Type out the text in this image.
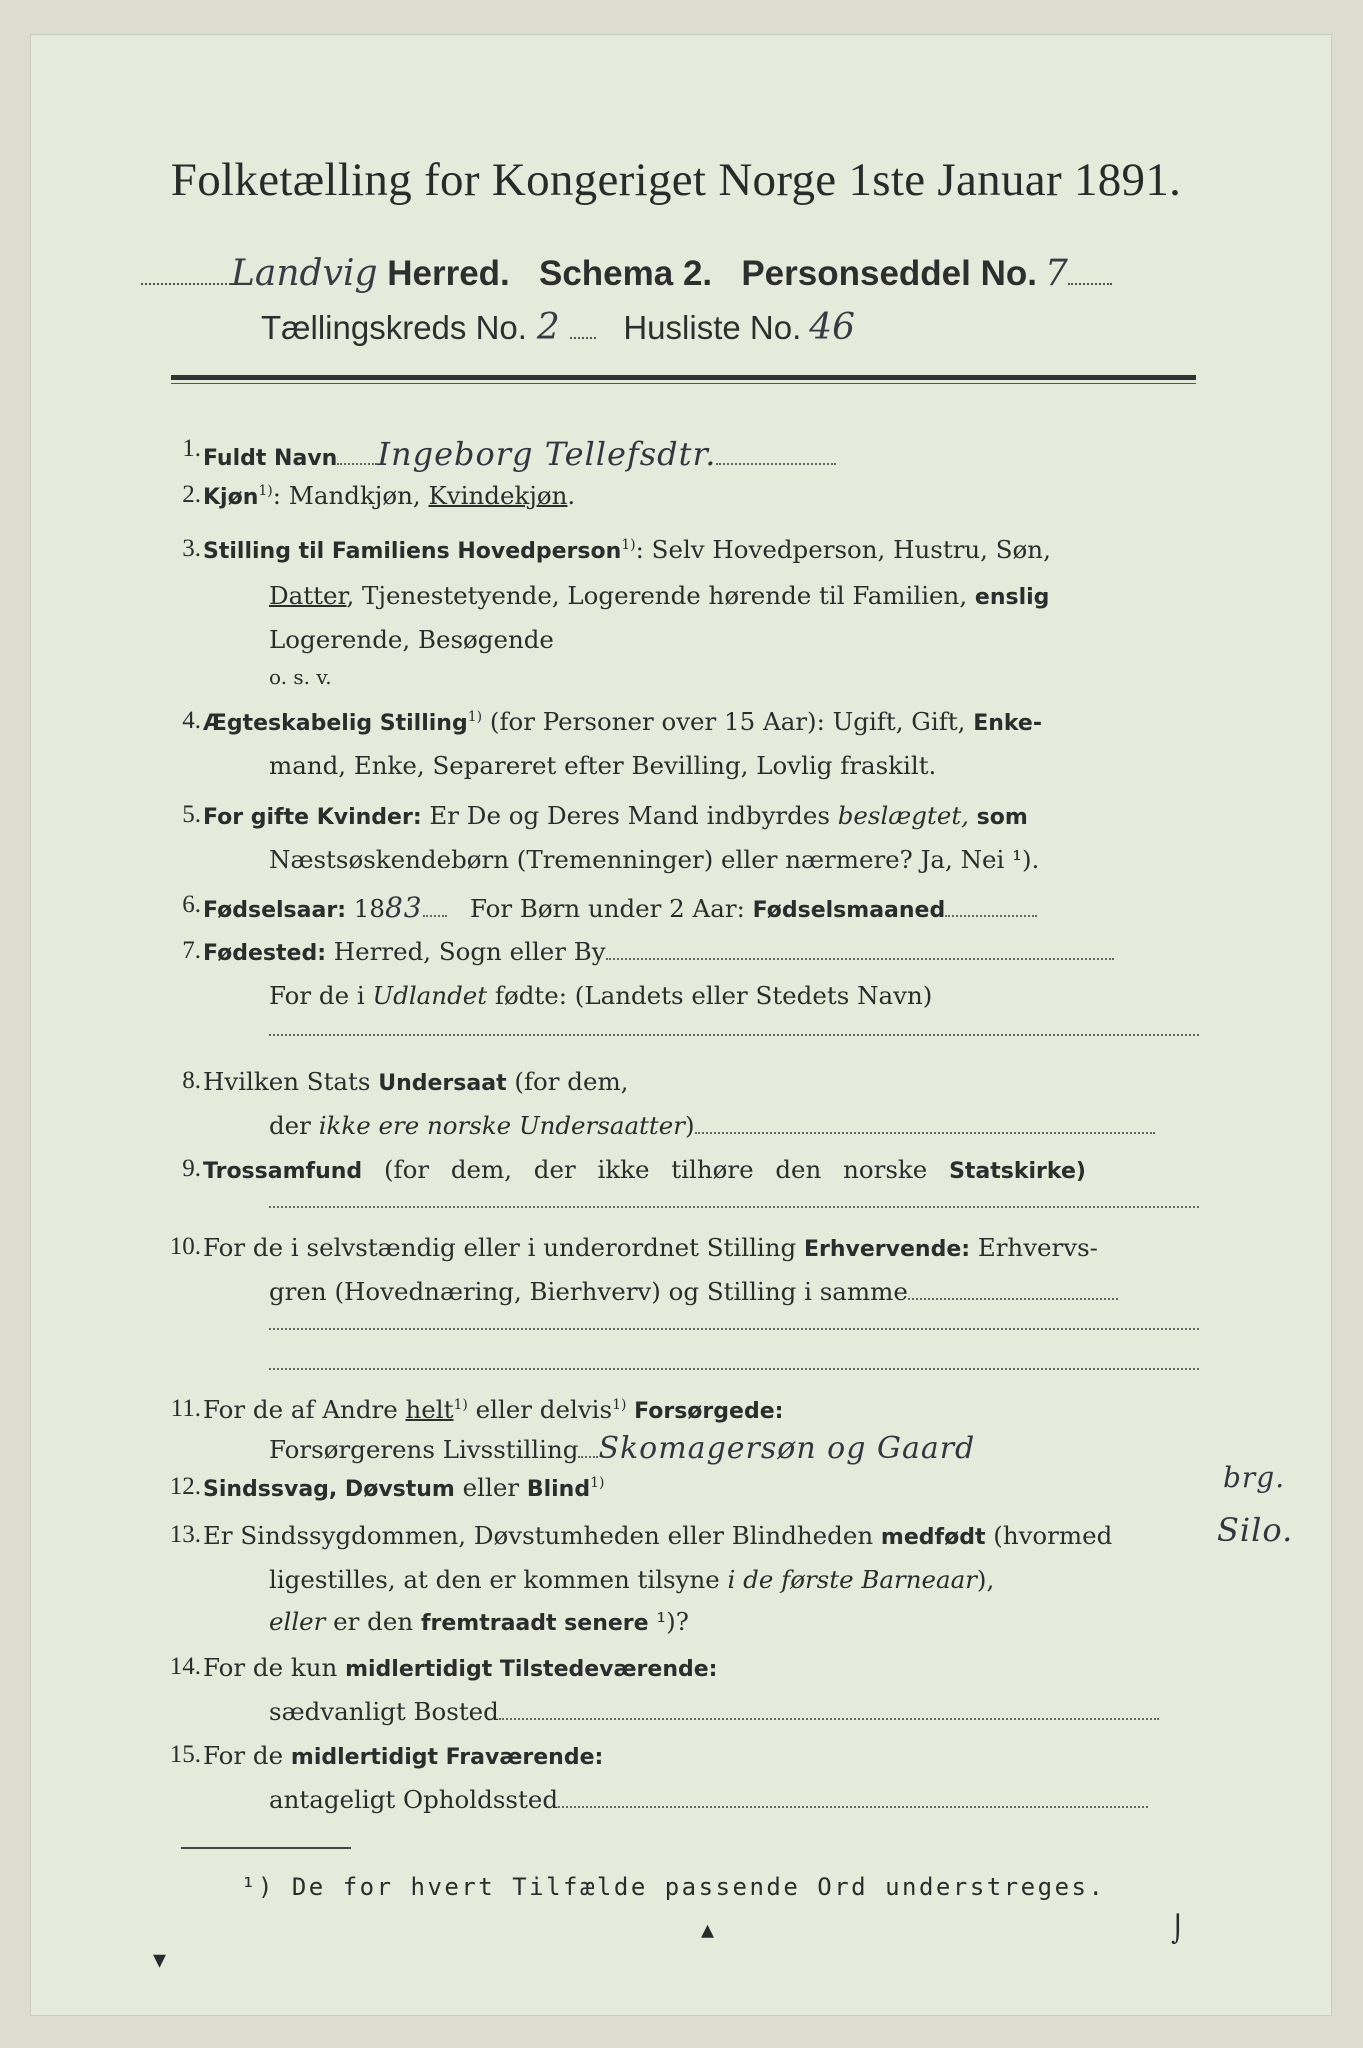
Folketælling for Kongeriget Norge 1ste Januar 1891.
Landvig Herred. Schema 2. Personseddel No. 7
Tællingskreds No. 2 Husliste No. 46
1. Fuldt Navn Ingeborg Tellefsdtr.
2. Kjøn$^{1)}$: Mandkjøn, Kvindekjøn.
3. Stilling til Familiens Hovedperson$^{1)}$: Selv Hovedperson, Hustru, Søn,
Datter, Tjenestetyende, Logerende hørende til Familien, enslig
Logerende, Besøgende
o. s. v.
4. Ægteskabelig Stilling$^{1)}$ (for Personer over 15 Aar): Ugift, Gift, Enke-
mand, Enke, Separeret efter Bevilling, Lovlig fraskilt.
5. For gifte Kvinder: Er De og Deres Mand indbyrdes beslægtet, som
Næstsøskendebørn (Tremenninger) eller nærmere? Ja, Nei ¹).
6. Fødselsaar: 1883 For Børn under 2 Aar: Fødselsmaaned
7. Fødested: Herred, Sogn eller By
For de i Udlandet fødte: (Landets eller Stedets Navn)
8. Hvilken Stats Undersaat (for dem,
der ikke ere norske Undersaatter)
9. Trossamfund (for dem, der ikke tilhøre den norske Statskirke)
10. For de i selvstændig eller i underordnet Stilling Erhvervende: Erhvervs-
gren (Hovednæring, Bierhverv) og Stilling i samme
11. For de af Andre helt$^{1)}$ eller delvis$^{1)}$ Forsørgede:
Forsørgerens Livsstilling Skomagersøn og Gaard
12. Sindssvag, Døvstum eller Blind$^{1)}$	brg.
13. Er Sindssygdommen, Døvstumheden eller Blindheden medfødt (hvormed	Silo.
ligestilles, at den er kommen tilsyne i de første Barneaar),
eller er den fremtraadt senere ¹)?
14. For de kun midlertidigt Tilstedeværende:
sædvanligt Bosted
15. For de midlertidigt Fraværende:
antageligt Opholdssted
¹) De for hvert Tilfælde passende Ord understreges.
▾
▴	⌡
